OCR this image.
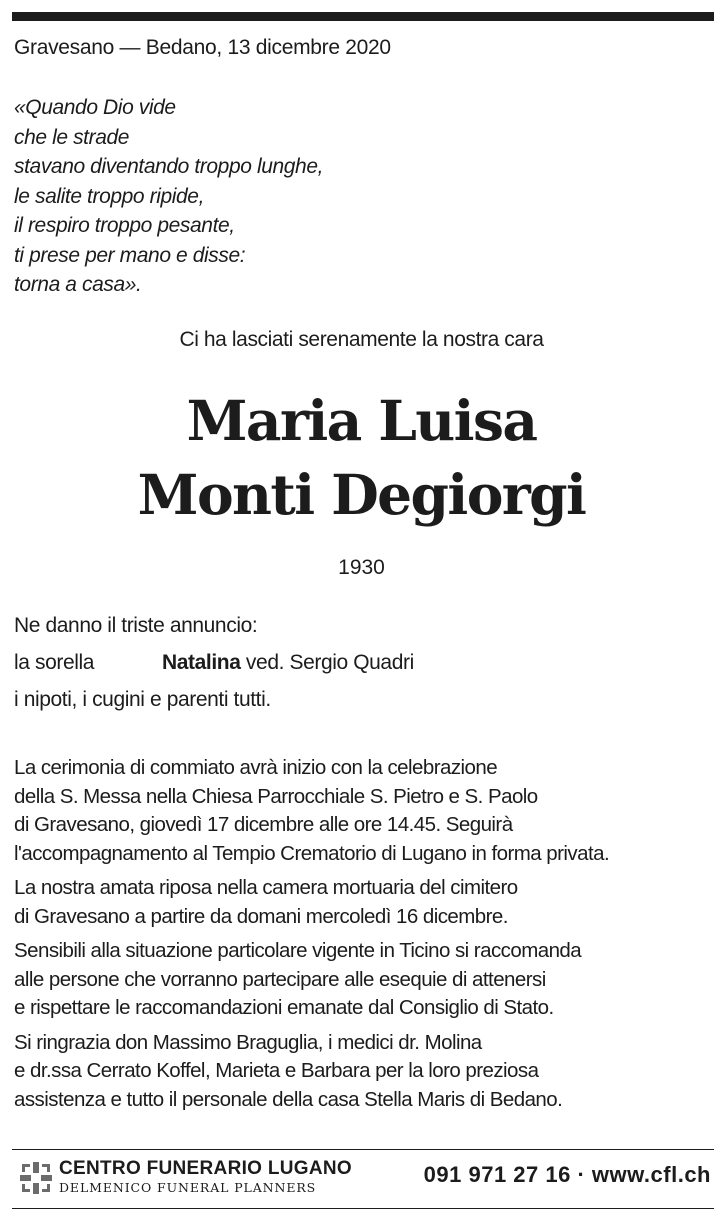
Gravesano — Bedano, 13 dicembre 2020
«Quando Dio vide
che le strade
stavano diventando troppo lunghe,
le salite troppo ripide,
il respiro troppo pesante,
ti prese per mano e disse:
torna a casa».
Ci ha lasciati serenamente la nostra cara
Maria Luisa
Monti Degiorgi
1930
Ne danno il triste annuncio:
la sorella	Natalina ved. Sergio Quadri
i nipoti, i cugini e parenti tutti.

La cerimonia di commiato avrà inizio con la celebrazione
della S. Messa nella Chiesa Parrocchiale S. Pietro e S. Paolo
di Gravesano, giovedì 17 dicembre alle ore 14.45. Seguirà
l'accompagnamento al Tempio Crematorio di Lugano in forma privata.

La nostra amata riposa nella camera mortuaria del cimitero
di Gravesano a partire da domani mercoledì 16 dicembre.

Sensibili alla situazione particolare vigente in Ticino si raccomanda
alle persone che vorranno partecipare alle esequie di attenersi
e rispettare le raccomandazioni emanate dal Consiglio di Stato.

Si ringrazia don Massimo Braguglia, i medici dr. Molina
e dr.ssa Cerrato Koffel, Marieta e Barbara per la loro preziosa
assistenza e tutto il personale della casa Stella Maris di Bedano.

CENTRO FUNERARIO LUGANO
DELMENICO FUNERAL PLANNERS
091 971 27 16 · www.cfl.ch
